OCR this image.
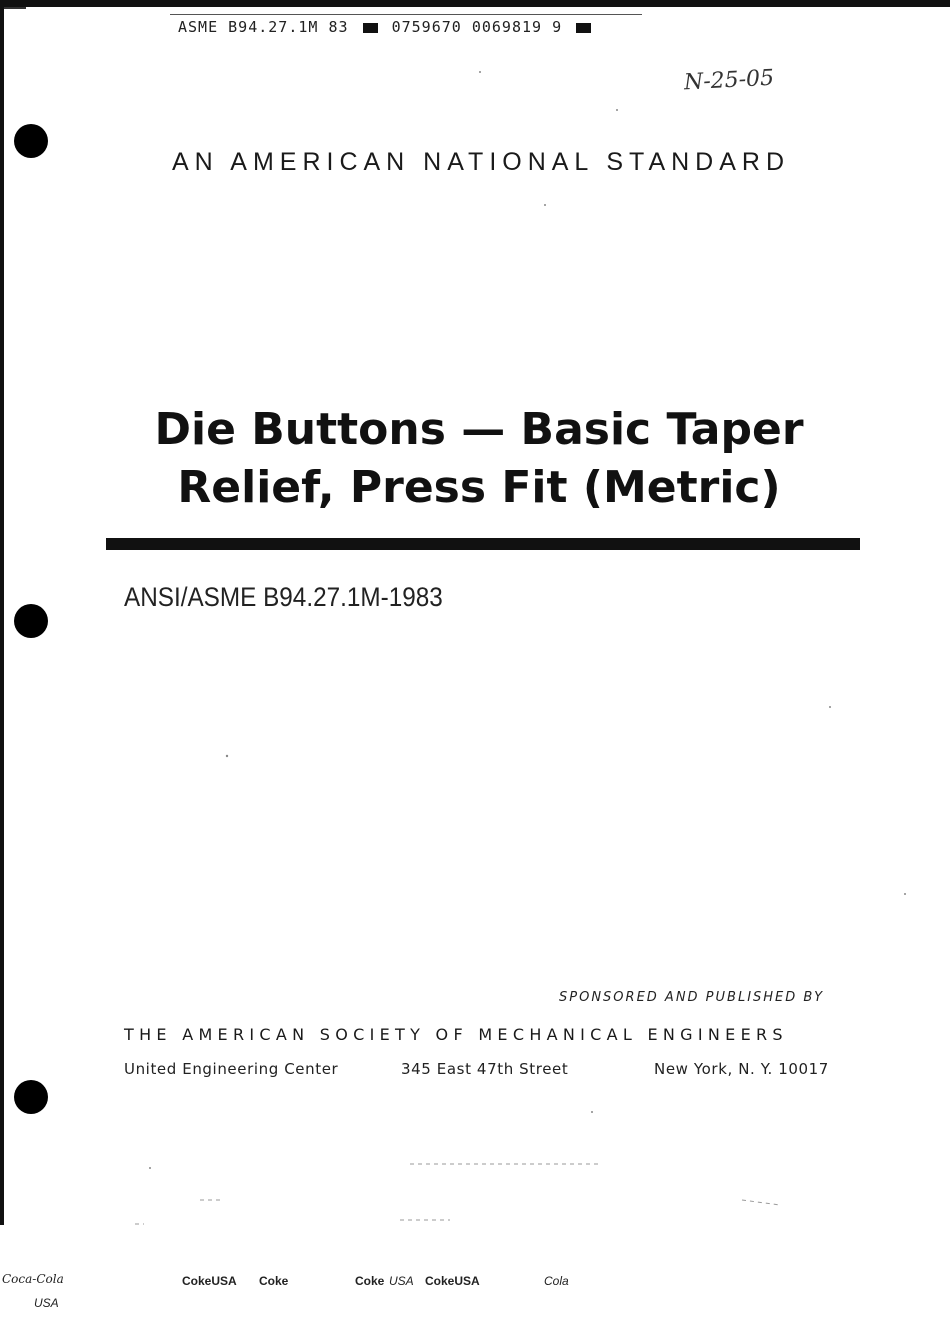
ASME B94.27.1M 83	0759670 0069819 9
N-25-05
AN AMERICAN NATIONAL STANDARD
Die Buttons — Basic Taper
Relief, Press Fit (Metric)
ANSI/ASME B94.27.1M-1983
SPONSORED AND PUBLISHED BY
THE AMERICAN SOCIETY OF MECHANICAL ENGINEERS
United Engineering Center	345 East 47th Street	New York, N. Y. 10017
Coca-Cola
USA
CokeUSA Coke	Coke USA CokeUSA	Cola
